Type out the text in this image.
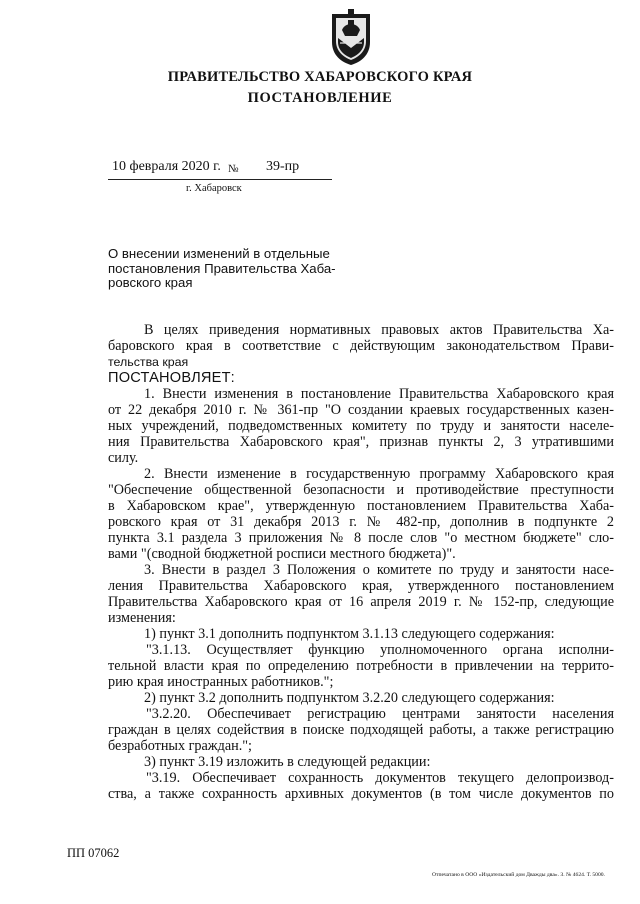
ПРАВИТЕЛЬСТВО ХАБАРОВСКОГО КРАЯ
ПОСТАНОВЛЕНИЕ
10 февраля 2020 г. № 39-пр
г. Хабаровск
О внесении изменений в отдельные
постановления Правительства Хаба-
ровского края
В целях приведения нормативных правовых актов Правительства Ха-
баровского края в соответствие с действующим законодательством Прави-
тельства края
ПОСТАНОВЛЯЕТ:
1. Внести изменения в постановление Правительства Хабаровского края
от 22 декабря 2010 г. № 361-пр "О создании краевых государственных казен-
ных учреждений, подведомственных комитету по труду и занятости населе-
ния Правительства Хабаровского края", признав пункты 2, 3 утратившими
силу.
2. Внести изменение в государственную программу Хабаровского края
"Обеспечение общественной безопасности и противодействие преступности
в Хабаровском крае", утвержденную постановлением Правительства Хаба-
ровского края от 31 декабря 2013 г. № 482-пр, дополнив в подпункте 2
пункта 3.1 раздела 3 приложения № 8 после слов "о местном бюджете" сло-
вами "(сводной бюджетной росписи местного бюджета)".
3. Внести в раздел 3 Положения о комитете по труду и занятости насе-
ления Правительства Хабаровского края, утвержденного постановлением
Правительства Хабаровского края от 16 апреля 2019 г. № 152-пр, следующие
изменения:
1) пункт 3.1 дополнить подпунктом 3.1.13 следующего содержания:
"3.1.13. Осуществляет функцию уполномоченного органа исполни-
тельной власти края по определению потребности в привлечении на террито-
рию края иностранных работников.";
2) пункт 3.2 дополнить подпунктом 3.2.20 следующего содержания:
"3.2.20. Обеспечивает регистрацию центрами занятости населения
граждан в целях содействия в поиске подходящей работы, а также регистрацию
безработных граждан.";
3) пункт 3.19 изложить в следующей редакции:
"3.19. Обеспечивает сохранность документов текущего делопроизвод-
ства, а также сохранность архивных документов (в том числе документов по
ПП 07062
Отпечатано в ООО «Издательский дом Дважды два». З. № 4624. Т. 5000.
